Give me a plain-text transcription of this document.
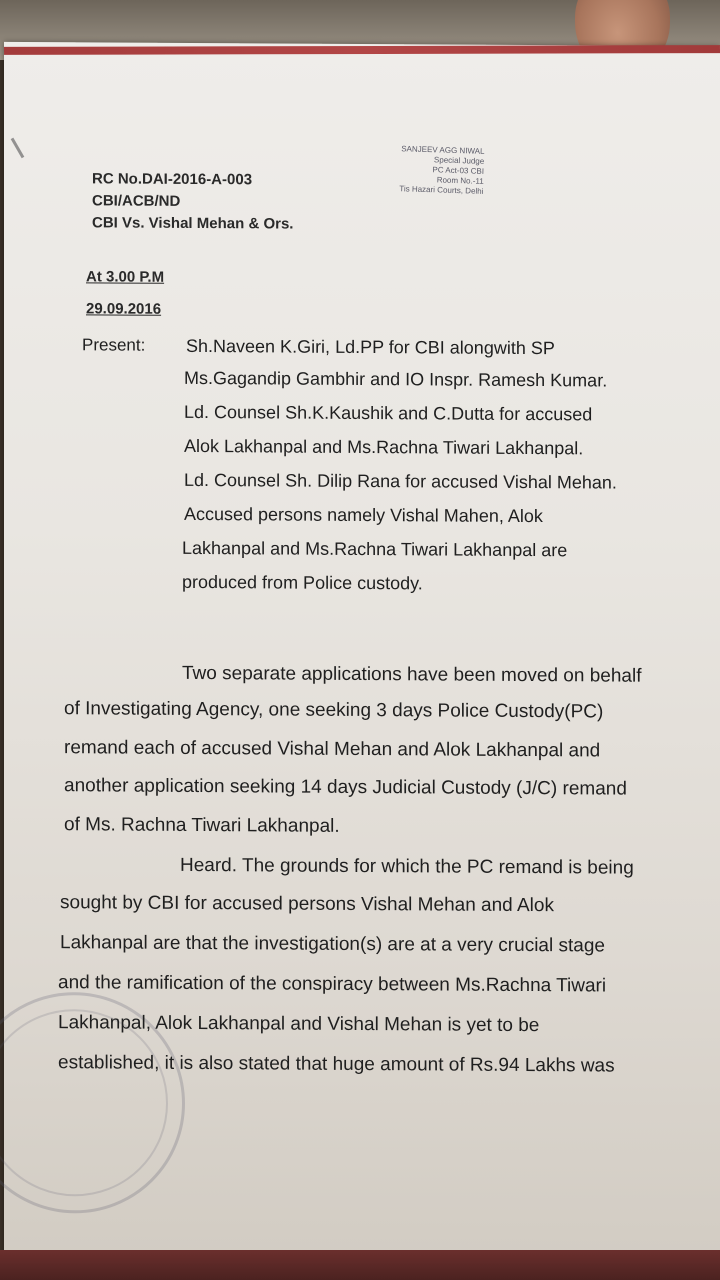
SANJEEV AGG NIWAL
Special Judge
PC Act-03 CBI
Room No.-11
Tis Hazari Courts, Delhi
RC No.DAI-2016-A-003
CBI/ACB/ND
CBI Vs. Vishal Mehan & Ors.
At 3.00 P.M
29.09.2016
Present: Sh.Naveen K.Giri, Ld.PP for CBI alongwith SP
Ms.Gagandip Gambhir and IO Inspr. Ramesh Kumar.
Ld. Counsel Sh.K.Kaushik and C.Dutta for accused
Alok Lakhanpal and Ms.Rachna Tiwari Lakhanpal.
Ld. Counsel Sh. Dilip Rana for accused Vishal Mehan.
Accused persons namely Vishal Mahen, Alok
Lakhanpal and Ms.Rachna Tiwari Lakhanpal are
produced from Police custody.
Two separate applications have been moved on behalf
of Investigating Agency, one seeking 3 days Police Custody(PC)
remand each of accused Vishal Mehan and Alok Lakhanpal and
another application seeking 14 days Judicial Custody (J/C) remand
of Ms. Rachna Tiwari Lakhanpal.
Heard. The grounds for which the PC remand is being
sought by CBI for accused persons Vishal Mehan and Alok
Lakhanpal are that the investigation(s) are at a very crucial stage
and the ramification of the conspiracy between Ms.Rachna Tiwari
Lakhanpal, Alok Lakhanpal and Vishal Mehan is yet to be
established, it is also stated that huge amount of Rs.94 Lakhs was
